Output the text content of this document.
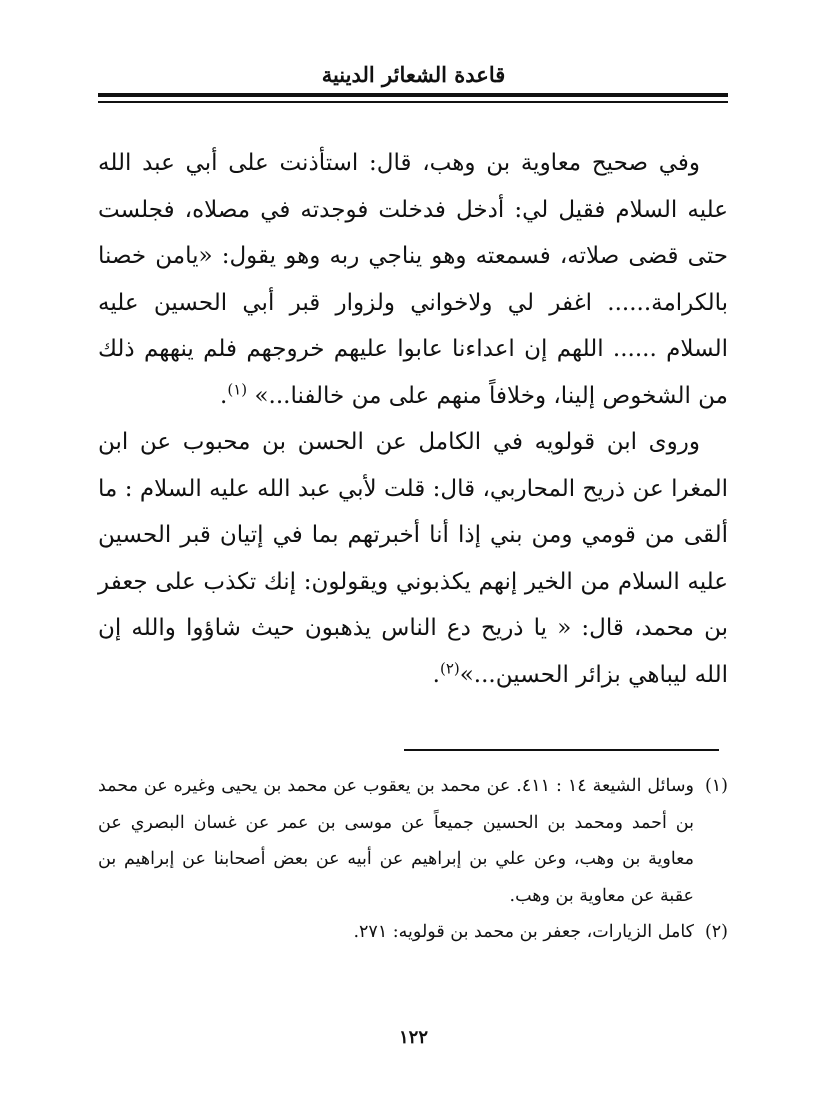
قاعدة الشعائر الدينية

وفي صحيح معاوية بن وهب، قال: استأذنت على أبي عبد الله عليه السلام فقيل لي: أدخل فدخلت فوجدته في مصلاه، فجلست حتى قضى صلاته، فسمعته وهو يناجي ربه وهو يقول: «يامن خصنا بالكرامة...... اغفر لي ولاخواني ولزوار قبر أبي الحسين عليه السلام ...... اللهم إن اعداءنا عابوا عليهم خروجهم فلم ينههم ذلك من الشخوص إلينا، وخلافاً منهم على من خالفنا...» $^{(١)}$.

وروى ابن قولويه في الكامل عن الحسن بن محبوب عن ابن المغرا عن ذريح المحاربي، قال: قلت لأبي عبد الله عليه السلام : ما ألقى من قومي ومن بني إذا أنا أخبرتهم بما في إتيان قبر الحسين عليه السلام من الخير إنهم يكذبوني ويقولون: إنك تكذب على جعفر بن محمد، قال: « يا ذريح دع الناس يذهبون حيث شاؤوا والله إن الله ليباهي بزائر الحسين...»$^{(٢)}$.

(١)
وسائل الشيعة ١٤ : ٤١١. عن محمد بن يعقوب عن محمد بن يحيى وغيره عن محمد بن أحمد ومحمد بن الحسين جميعاً عن موسى بن عمر عن غسان البصري عن معاوية بن وهب، وعن علي بن إبراهيم عن أبيه عن بعض أصحابنا عن إبراهيم بن عقبة عن معاوية بن وهب.

(٢)
كامل الزيارات، جعفر بن محمد بن قولويه: ٢٧١.

١٢٢
